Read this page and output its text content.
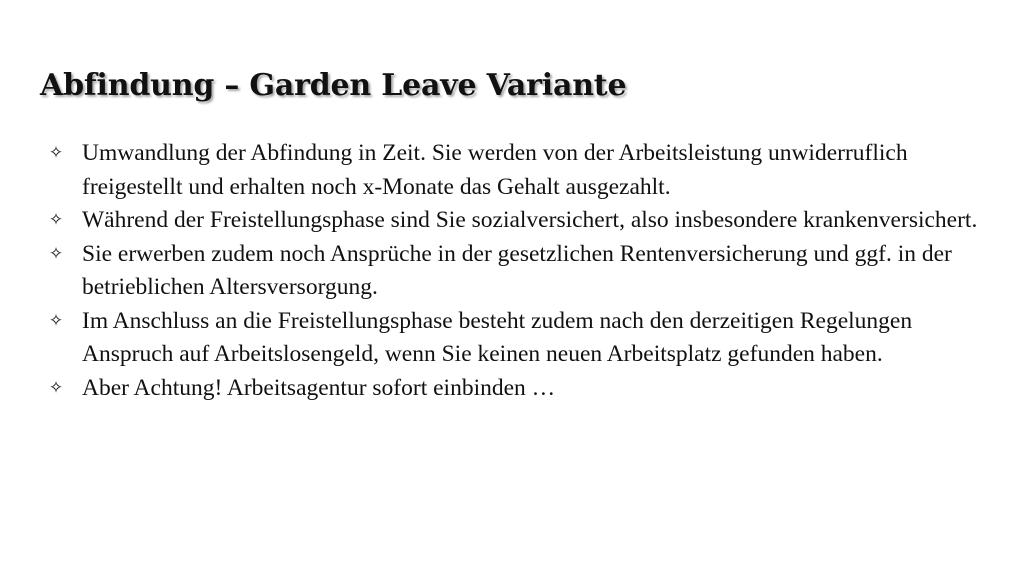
Abfindung – Garden Leave Variante
✧ Umwandlung der Abfindung in Zeit. Sie werden von der Arbeitsleistung unwiderruflich freigestellt und erhalten noch x-Monate das Gehalt ausgezahlt.
✧ Während der Freistellungsphase sind Sie sozialversichert, also insbesondere krankenversichert.
✧ Sie erwerben zudem noch Ansprüche in der gesetzlichen Rentenversicherung und ggf. in der betrieblichen Altersversorgung.
✧ Im Anschluss an die Freistellungsphase besteht zudem nach den derzeitigen Regelungen Anspruch auf Arbeitslosengeld, wenn Sie keinen neuen Arbeitsplatz gefunden haben.
✧ Aber Achtung! Arbeitsagentur sofort einbinden …
